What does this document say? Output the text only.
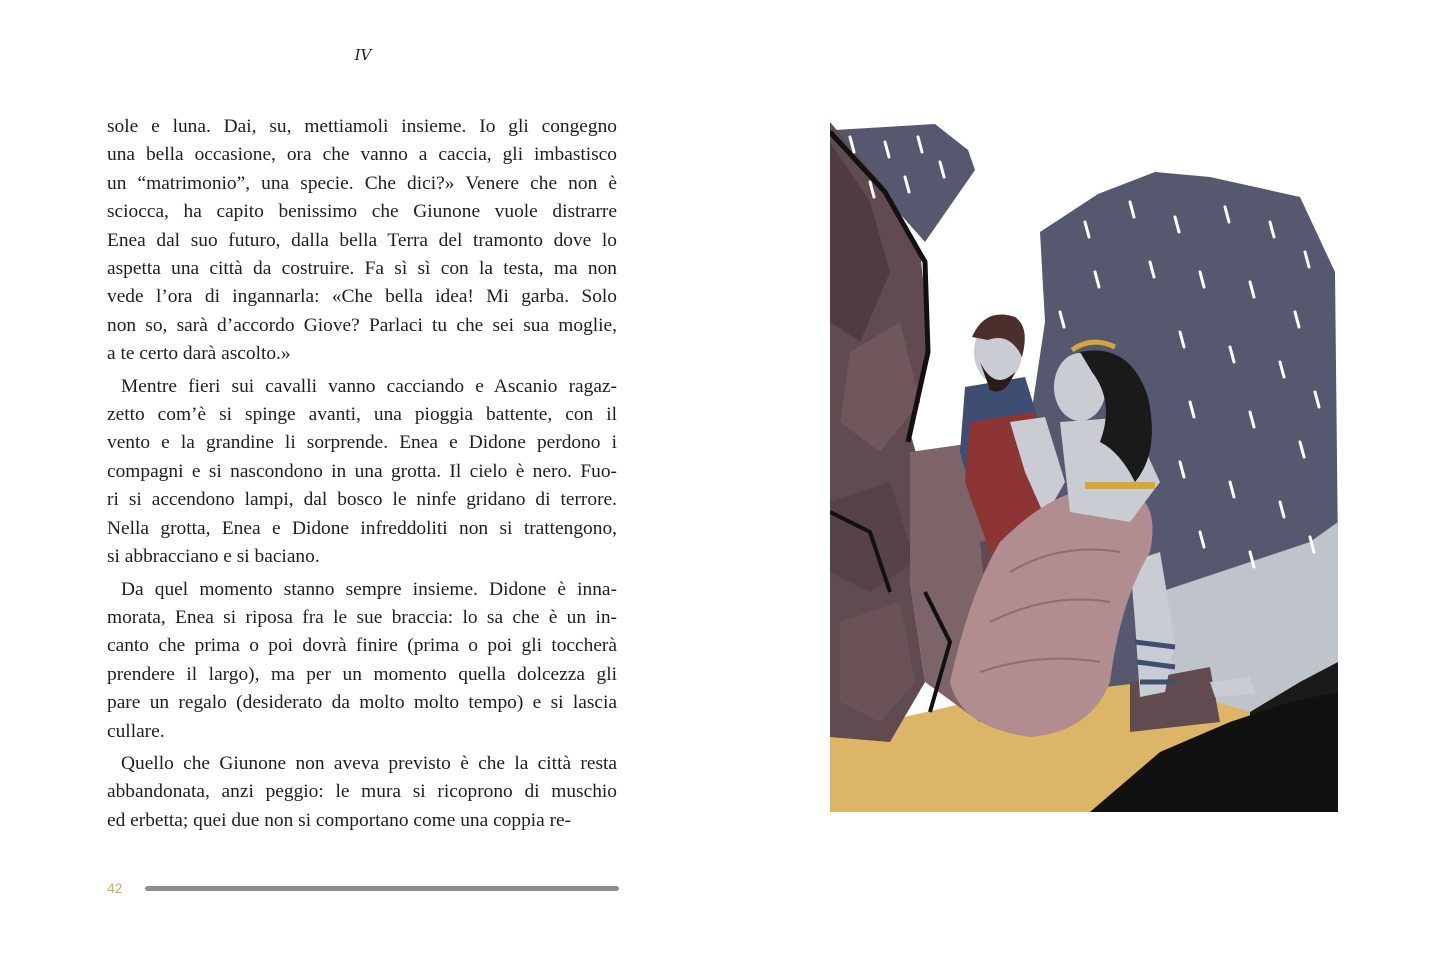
IV
sole e luna. Dai, su, mettiamoli insieme. Io gli congegno
una bella occasione, ora che vanno a caccia, gli imbastisco
un “matrimonio”, una specie. Che dici?» Venere che non è
sciocca, ha capito benissimo che Giunone vuole distrarre
Enea dal suo futuro, dalla bella Terra del tramonto dove lo
aspetta una città da costruire. Fa sì sì con la testa, ma non
vede l’ora di ingannarla: «Che bella idea! Mi garba. Solo
non so, sarà d’accordo Giove? Parlaci tu che sei sua moglie,
a te certo darà ascolto.»
Mentre fieri sui cavalli vanno cacciando e Ascanio ragaz-
zetto com’è si spinge avanti, una pioggia battente, con il
vento e la grandine li sorprende. Enea e Didone perdono i
compagni e si nascondono in una grotta. Il cielo è nero. Fuo-
ri si accendono lampi, dal bosco le ninfe gridano di terrore.
Nella grotta, Enea e Didone infreddoliti non si trattengono,
si abbracciano e si baciano.
Da quel momento stanno sempre insieme. Didone è inna-
morata, Enea si riposa fra le sue braccia: lo sa che è un in-
canto che prima o poi dovrà finire (prima o poi gli toccherà
prendere il largo), ma per un momento quella dolcezza gli
pare un regalo (desiderato da molto molto tempo) e si lascia
cullare.
Quello che Giunone non aveva previsto è che la città resta
abbandonata, anzi peggio: le mura si ricoprono di muschio
ed erbetta; quei due non si comportano come una coppia re-
42
